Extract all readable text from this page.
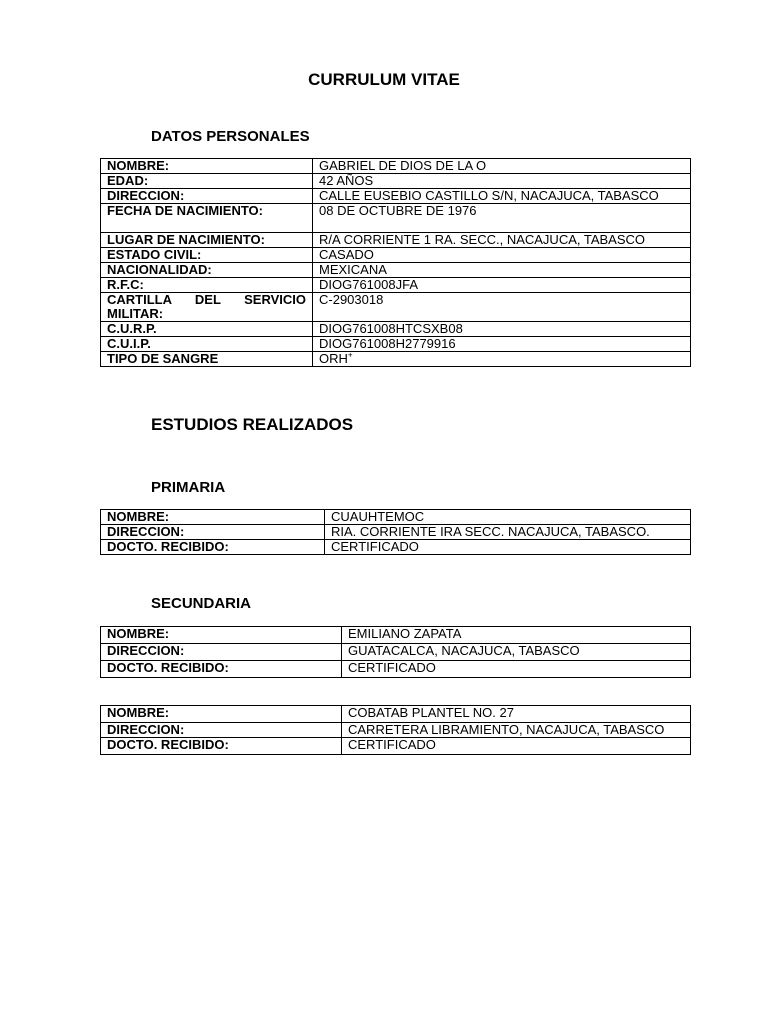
CURRULUM VITAE
DATOS PERSONALES
NOMBRE:	GABRIEL DE DIOS DE LA O
EDAD:	42 AÑOS
DIRECCION:	CALLE EUSEBIO CASTILLO S/N, NACAJUCA, TABASCO
FECHA DE NACIMIENTO:	08 DE OCTUBRE DE 1976
LUGAR DE NACIMIENTO:	R/A CORRIENTE 1 RA. SECC., NACAJUCA, TABASCO
ESTADO CIVIL:	CASADO
NACIONALIDAD:	MEXICANA
R.F.C:	DIOG761008JFA
CARTILLA DEL SERVICIO MILITAR:	C-2903018
C.U.R.P.	DIOG761008HTCSXB08
C.U.I.P.	DIOG761008H2779916
TIPO DE SANGRE	ORH+
ESTUDIOS REALIZADOS
PRIMARIA
NOMBRE:	CUAUHTEMOC
DIRECCION:	RIA. CORRIENTE IRA SECC. NACAJUCA, TABASCO.
DOCTO. RECIBIDO:	CERTIFICADO
SECUNDARIA
NOMBRE:	EMILIANO ZAPATA
DIRECCION:	GUATACALCA, NACAJUCA, TABASCO
DOCTO. RECIBIDO:	CERTIFICADO
NOMBRE:	COBATAB PLANTEL NO. 27
DIRECCION:	CARRETERA LIBRAMIENTO, NACAJUCA, TABASCO
DOCTO. RECIBIDO:	CERTIFICADO
